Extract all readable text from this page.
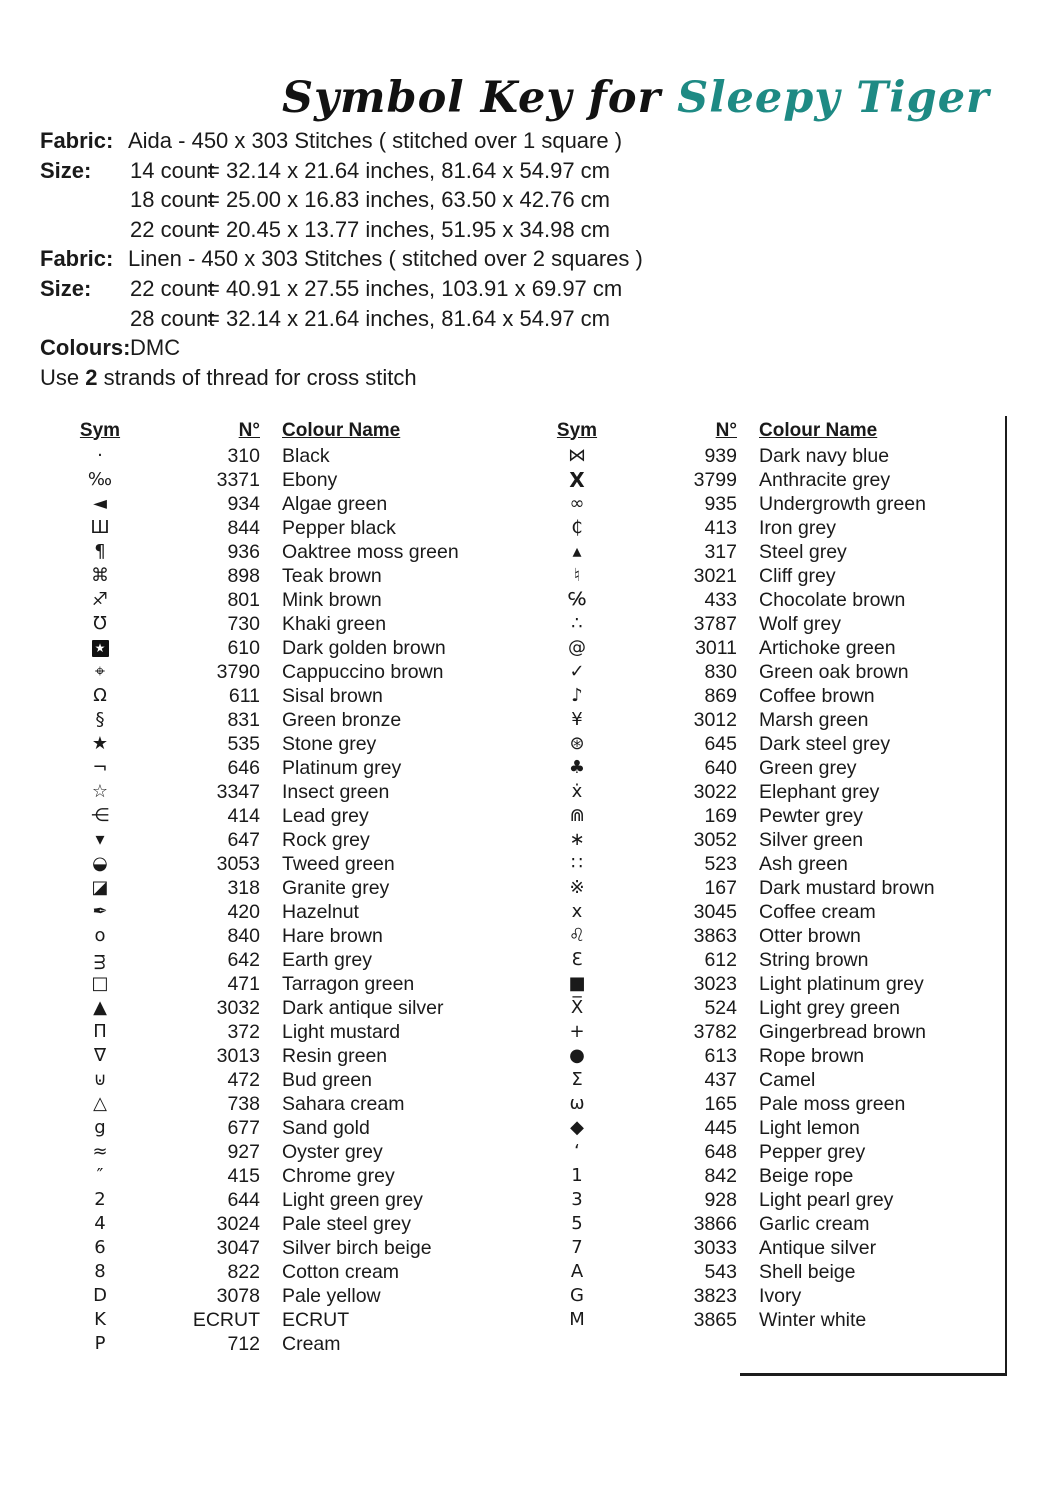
Symbol Key for Sleepy Tiger
Fabric: Aida - 450 x 303 Stitches ( stitched over 1 square )
Size: 14 count= 32.14 x 21.64 inches, 81.64 x 54.97 cm
18 count= 25.00 x 16.83 inches, 63.50 x 42.76 cm
22 count= 20.45 x 13.77 inches, 51.95 x 34.98 cm
Fabric: Linen - 450 x 303 Stitches ( stitched over 2 squares )
Size: 22 count= 40.91 x 27.55 inches, 103.91 x 69.97 cm
28 count= 32.14 x 21.64 inches, 81.64 x 54.97 cm
Colours:DMC
Use 2 strands of thread for cross stitch
Sym	N°	Colour Name
·	310	Black
‰	3371	Ebony
◄	934	Algae green
Ш	844	Pepper black
¶	936	Oaktree moss green
⌘	898	Teak brown
♐	801	Mink brown
℧	730	Khaki green
★	610	Dark golden brown
⌖	3790	Cappuccino brown
Ω	611	Sisal brown
§	831	Green bronze
★	535	Stone grey
¬	646	Platinum grey
☆	3347	Insect green
⋲	414	Lead grey
▾	647	Rock grey
◒	3053	Tweed green
◪	318	Granite grey
✒	420	Hazelnut
o	840	Hare brown
ᴟ	642	Earth grey
□	471	Tarragon green
▲	3032	Dark antique silver
Π	372	Light mustard
∇	3013	Resin green
⊍	472	Bud green
△	738	Sahara cream
g	677	Sand gold
≈	927	Oyster grey
″	415	Chrome grey
2	644	Light green grey
4	3024	Pale steel grey
6	3047	Silver birch beige
8	822	Cotton cream
D	3078	Pale yellow
K	ECRUT	ECRUT
P	712	Cream
Sym	N°	Colour Name
⋈	939	Dark navy blue
X	3799	Anthracite grey
∞	935	Undergrowth green
₵	413	Iron grey
▴	317	Steel grey
♮	3021	Cliff grey
℅	433	Chocolate brown
∴	3787	Wolf grey
@	3011	Artichoke green
✓	830	Green oak brown
♪	869	Coffee brown
¥	3012	Marsh green
⊛	645	Dark steel grey
♣	640	Green grey
ẋ	3022	Elephant grey
⋒	169	Pewter grey
∗	3052	Silver green
∷	523	Ash green
※	167	Dark mustard brown
x	3045	Coffee cream
♌	3863	Otter brown
Ɛ	612	String brown
■	3023	Light platinum grey
X̅	524	Light grey green
+	3782	Gingerbread brown
●	613	Rope brown
Σ	437	Camel
ω	165	Pale moss green
◆	445	Light lemon
‘	648	Pepper grey
1	842	Beige rope
3	928	Light pearl grey
5	3866	Garlic cream
7	3033	Antique silver
A	543	Shell beige
G	3823	Ivory
M	3865	Winter white
